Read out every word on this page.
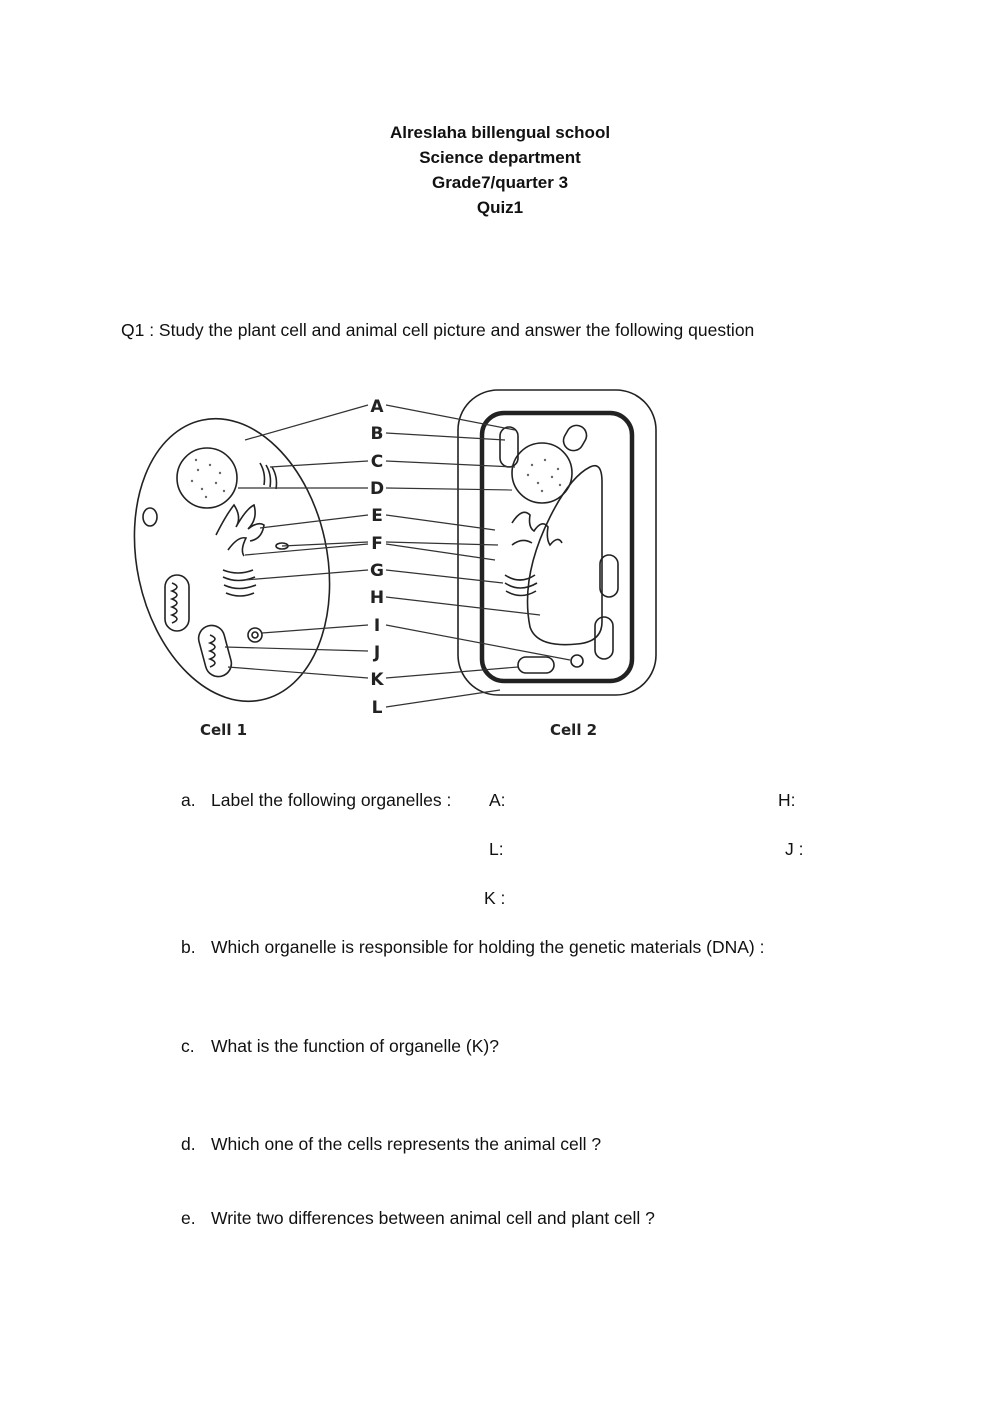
Alreslaha billengual school
Science department
Grade7/quarter 3
Quiz1
Q1 : Study the plant cell and animal cell picture and answer the following question
A
B
C
D
E
F
G
H
I
J
K
L
Cell 1	Cell 2
a. Label the following organelles : A:	H:
L:	J :
K :
b. Which organelle is responsible for holding the genetic materials (DNA) :
c. What is the function of organelle (K)?
d. Which one of the cells represents the animal cell ?
e. Write two differences between animal cell and plant cell ?
